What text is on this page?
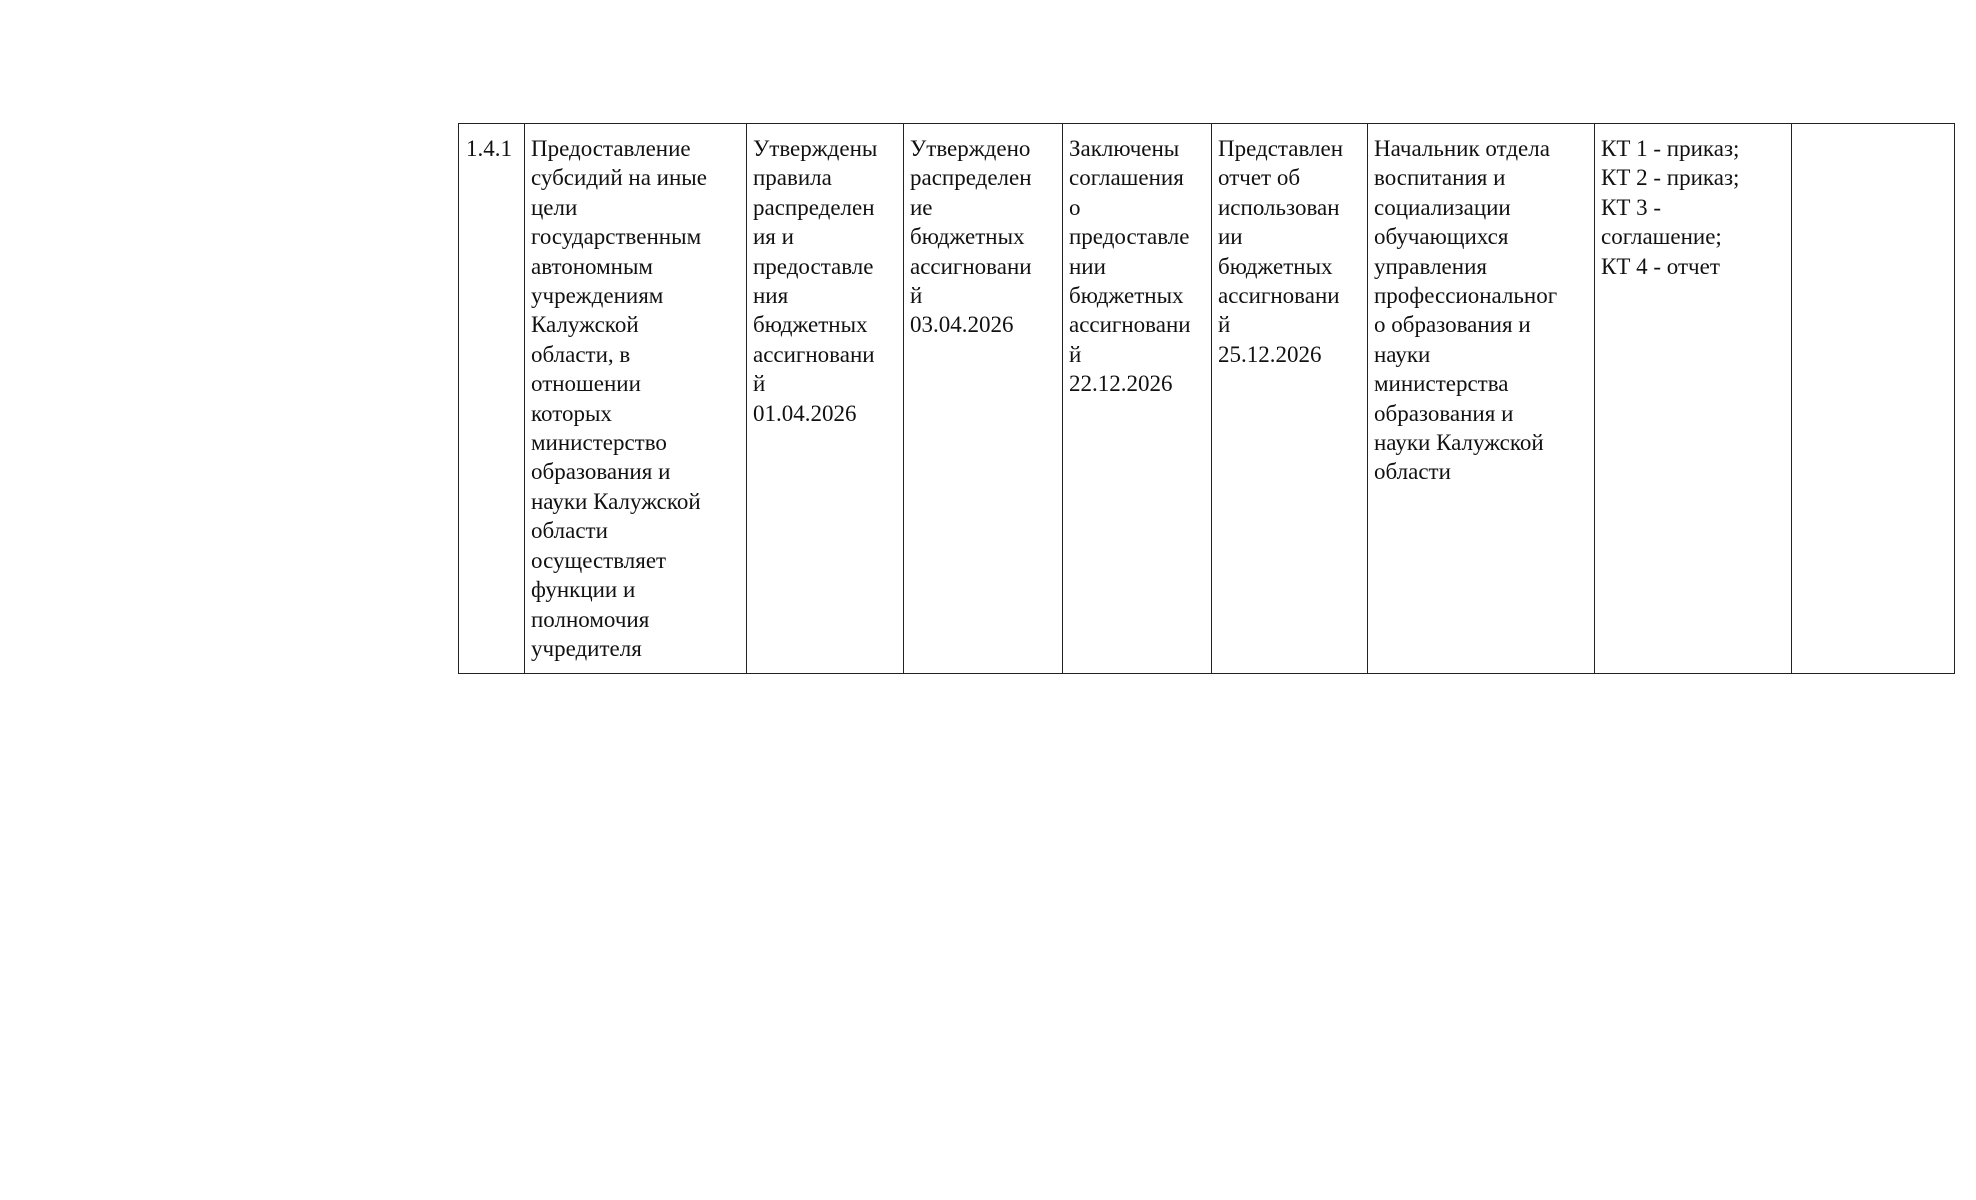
1.4.1	Предоставление
субсидий на иные
цели
государственным
автономным
учреждениям
Калужской
области, в
отношении
которых
министерство
образования и
науки Калужской
области
осуществляет
функции и
полномочия
учредителя	Утверждены
правила
распределен
ия и
предоставле
ния
бюджетных
ассигновани
й
01.04.2026	Утверждено
распределен
ие
бюджетных
ассигновани
й
03.04.2026	Заключены
соглашения
о
предоставле
нии
бюджетных
ассигновани
й
22.12.2026	Представлен
отчет об
использован
ии
бюджетных
ассигновани
й
25.12.2026	Начальник отдела
воспитания и
социализации
обучающихся
управления
профессиональног
о образования и
науки
министерства
образования и
науки Калужской
области	КТ 1 - приказ;
КТ 2 - приказ;
КТ 3 -
соглашение;
КТ 4 - отчет	
